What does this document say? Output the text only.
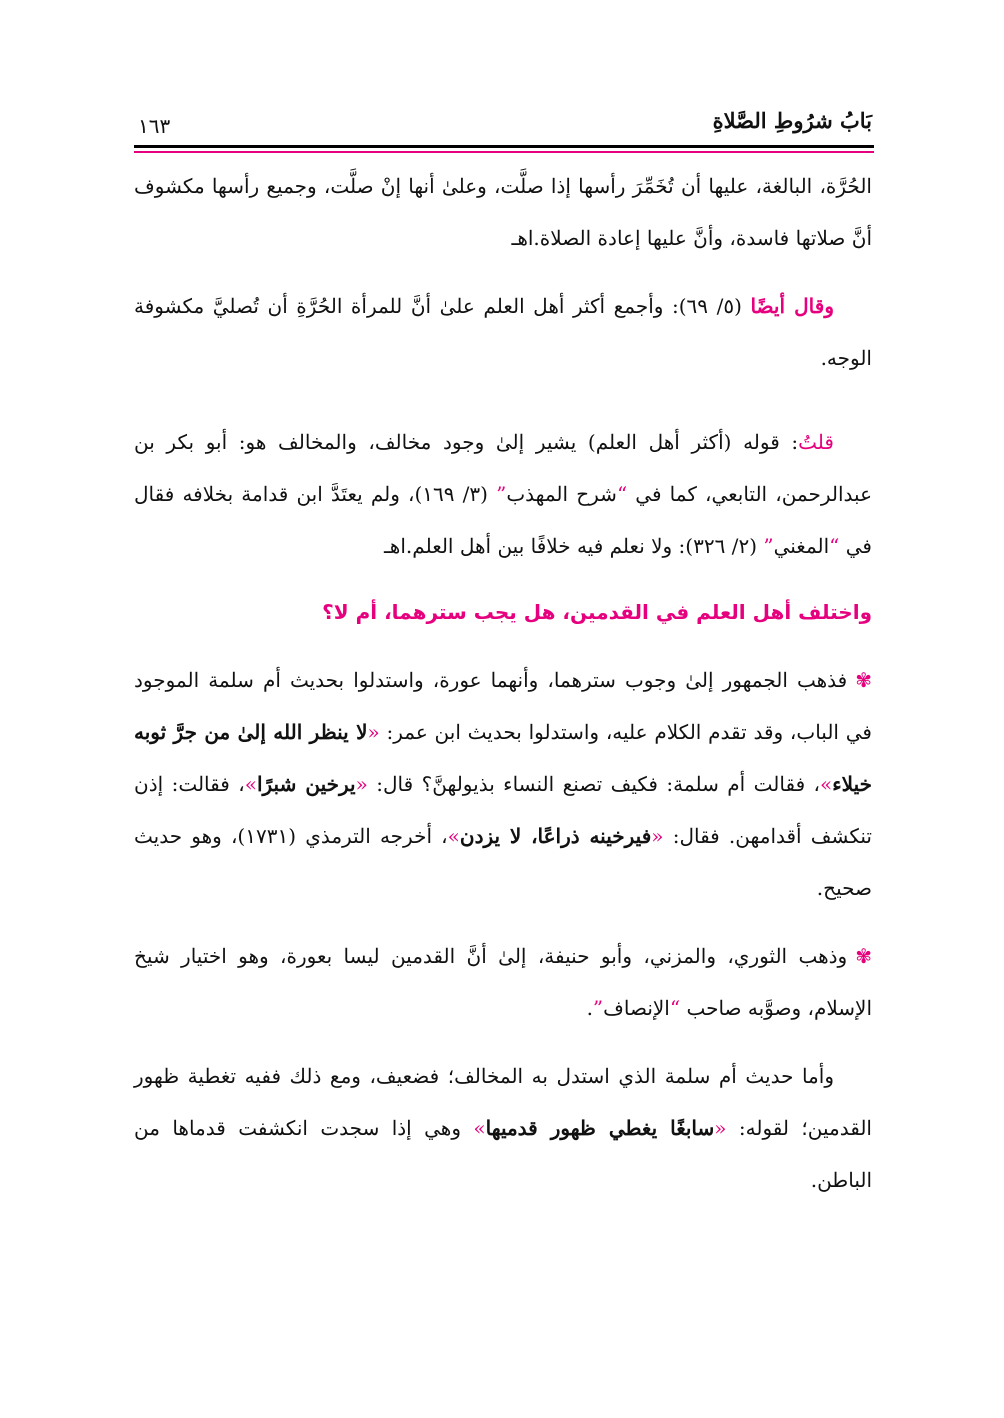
بَابُ شرُوطِ الصَّلاةِ
١٦٣

الحُرَّة، البالغة، عليها أن تُخَمِّرَ رأسها إذا صلَّت، وعلىٰ أنها إنْ صلَّت، وجميع رأسها مكشوف أنَّ صلاتها فاسدة، وأنَّ عليها إعادة الصلاة.اهـ

وقال أيضًا (٥/ ٦٩): وأجمع أكثر أهل العلم علىٰ أنَّ للمرأة الحُرَّةِ أن تُصليَّ مكشوفة الوجه.

قلتُ: قوله (أكثر أهل العلم) يشير إلىٰ وجود مخالف، والمخالف هو: أبو بكر بن عبدالرحمن، التابعي، كما في “شرح المهذب” (٣/ ١٦٩)، ولم يعتَدَّ ابن قدامة بخلافه فقال في “المغني” (٢/ ٣٢٦): ولا نعلم فيه خلافًا بين أهل العلم.اهـ

واختلف أهل العلم في القدمين، هل يجب سترهما، أم لا؟

✾فذهب الجمهور إلىٰ وجوب سترهما، وأنهما عورة، واستدلوا بحديث أم سلمة الموجود في الباب، وقد تقدم الكلام عليه، واستدلوا بحديث ابن عمر: «لا ينظر الله إلىٰ من جرَّ ثوبه خيلاء»، فقالت أم سلمة: فكيف تصنع النساء بذيولهنَّ؟ قال: «يرخين شبرًا»، فقالت: إذن تنكشف أقدامهن. فقال: «فيرخينه ذراعًا، لا يزدن»، أخرجه الترمذي (١٧٣١)، وهو حديث صحيح.

✾وذهب الثوري، والمزني، وأبو حنيفة، إلىٰ أنَّ القدمين ليسا بعورة، وهو اختيار شيخ الإسلام، وصوَّبه صاحب “الإنصاف”.

وأما حديث أم سلمة الذي استدل به المخالف؛ فضعيف، ومع ذلك ففيه تغطية ظهور القدمين؛ لقوله: «سابغًا يغطي ظهور قدميها» وهي إذا سجدت انكشفت قدماها من الباطن.
